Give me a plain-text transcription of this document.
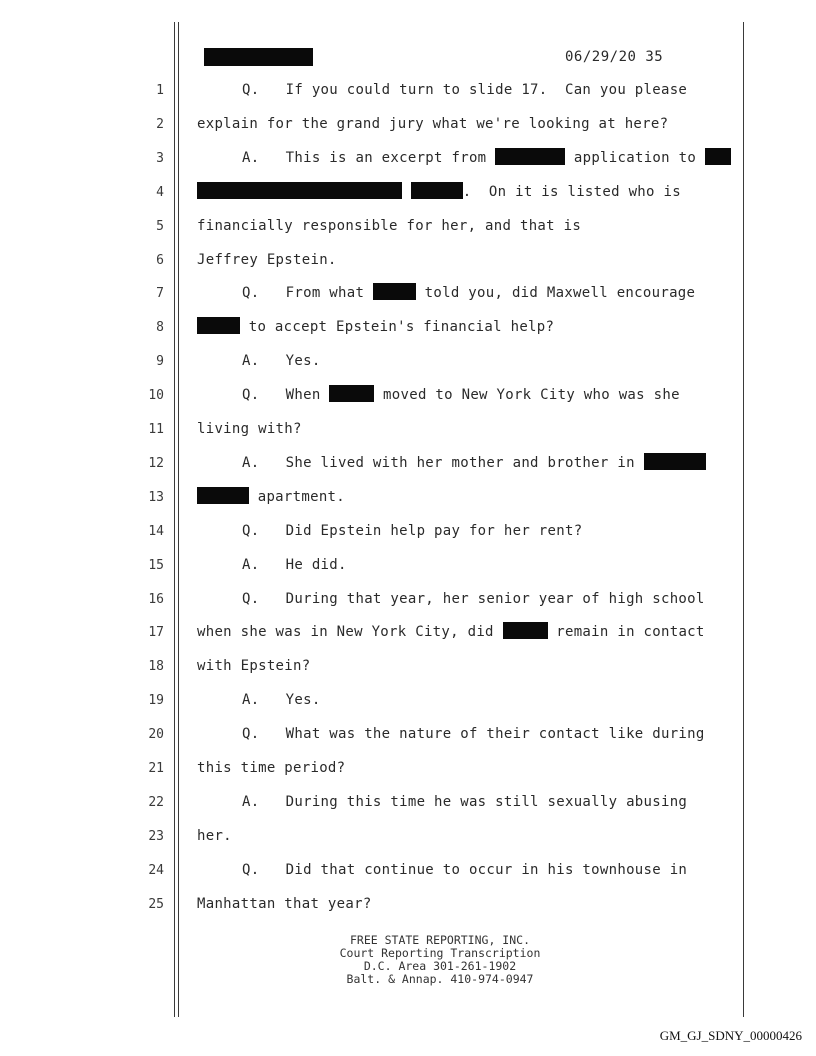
06/29/20 35
1	Q.   If you could turn to slide 17.  Can you please
2 explain for the grand jury what we're looking at here?
3	A.   This is an excerpt from	application to
4	.  On it is listed who is
5 financially responsible for her, and that is
6 Jeffrey Epstein.
7	Q.   From what	told you, did Maxwell encourage
8	to accept Epstein's financial help?
9	A.   Yes.
10	Q.   When	moved to New York City who was she
11 living with?
12	A.   She lived with her mother and brother in
13	apartment.
14	Q.   Did Epstein help pay for her rent?
15	A.   He did.
16	Q.   During that year, her senior year of high school
17 when she was in New York City, did	remain in contact
18 with Epstein?
19	A.   Yes.
20	Q.   What was the nature of their contact like during
21 this time period?
22	A.   During this time he was still sexually abusing
23 her.
24	Q.   Did that continue to occur in his townhouse in
25 Manhattan that year?
FREE STATE REPORTING, INC.
Court Reporting Transcription
D.C. Area 301-261-1902
Balt. & Annap. 410-974-0947
GM_GJ_SDNY_00000426
